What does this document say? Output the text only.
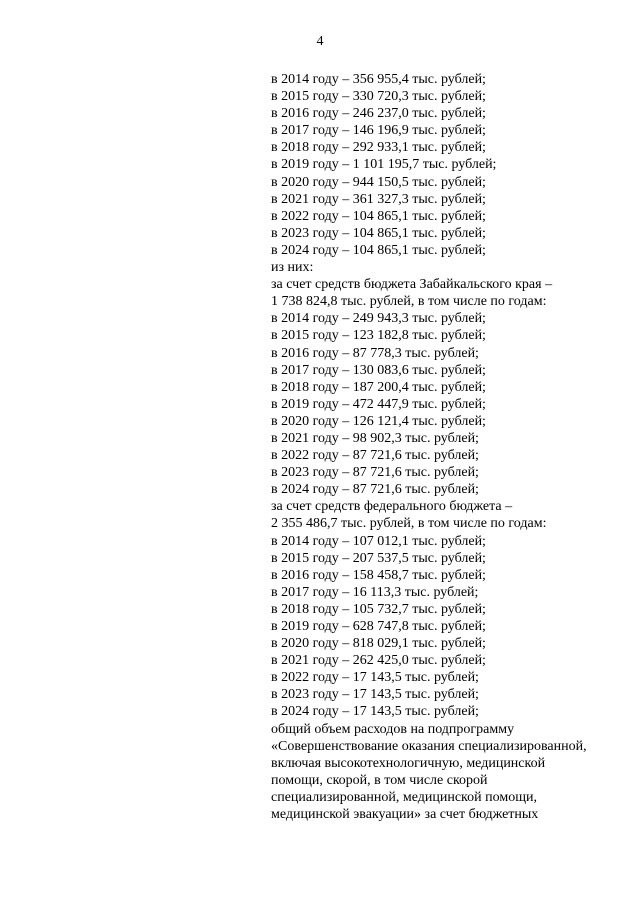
4
в 2014 году – 356 955,4 тыс. рублей;
в 2015 году – 330 720,3 тыс. рублей;
в 2016 году – 246 237,0 тыс. рублей;
в 2017 году – 146 196,9 тыс. рублей;
в 2018 году – 292 933,1 тыс. рублей;
в 2019 году – 1 101 195,7 тыс. рублей;
в 2020 году – 944 150,5 тыс. рублей;
в 2021 году – 361 327,3 тыс. рублей;
в 2022 году – 104 865,1 тыс. рублей;
в 2023 году – 104 865,1 тыс. рублей;
в 2024 году – 104 865,1 тыс. рублей;
из них:
за счет средств бюджета Забайкальского края –
1 738 824,8 тыс. рублей, в том числе по годам:
в 2014 году – 249 943,3 тыс. рублей;
в 2015 году – 123 182,8 тыс. рублей;
в 2016 году – 87 778,3 тыс. рублей;
в 2017 году – 130 083,6 тыс. рублей;
в 2018 году – 187 200,4 тыс. рублей;
в 2019 году – 472 447,9 тыс. рублей;
в 2020 году – 126 121,4 тыс. рублей;
в 2021 году – 98 902,3 тыс. рублей;
в 2022 году – 87 721,6 тыс. рублей;
в 2023 году – 87 721,6 тыс. рублей;
в 2024 году – 87 721,6 тыс. рублей;
за счет средств федерального бюджета –
2 355 486,7 тыс. рублей, в том числе по годам:
в 2014 году – 107 012,1 тыс. рублей;
в 2015 году – 207 537,5 тыс. рублей;
в 2016 году – 158 458,7 тыс. рублей;
в 2017 году – 16 113,3 тыс. рублей;
в 2018 году – 105 732,7 тыс. рублей;
в 2019 году – 628 747,8 тыс. рублей;
в 2020 году – 818 029,1 тыс. рублей;
в 2021 году – 262 425,0 тыс. рублей;
в 2022 году – 17 143,5 тыс. рублей;
в 2023 году – 17 143,5 тыс. рублей;
в 2024 году – 17 143,5 тыс. рублей;
общий объем расходов на подпрограмму
«Совершенствование оказания специализированной,
включая высокотехнологичную, медицинской
помощи, скорой, в том числе скорой
специализированной, медицинской помощи,
медицинской эвакуации» за счет бюджетных
